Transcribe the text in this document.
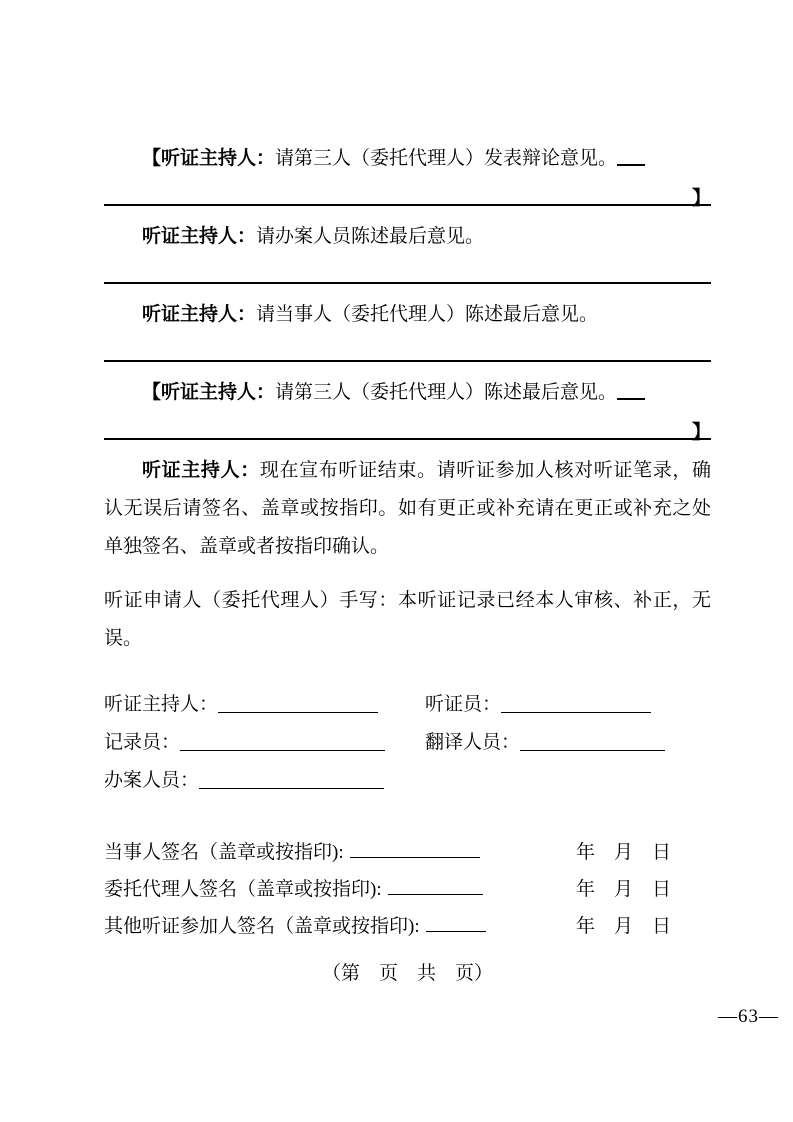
【听证主持人：请第三人（委托代理人）发表辩论意见。

】

听证主持人：请办案人员陈述最后意见。

听证主持人：请当事人（委托代理人）陈述最后意见。

【听证主持人：请第三人（委托代理人）陈述最后意见。

】

听证主持人：现在宣布听证结束。请听证参加人核对听证笔录，确认无误后请签名、盖章或按指印。如有更正或补充请在更正或补充之处单独签名、盖章或者按指印确认。

听证申请人（委托代理人）手写：本听证记录已经本人审核、补正，无误。

听证主持人：	听证员：
记录员：	翻译人员：
办案人员：
当事人签名（盖章或按指印):	年　月　日
委托代理人签名（盖章或按指印):	年　月　日
其他听证参加人签名（盖章或按指印):	年　月　日
（第　页　共　页）
—63—
